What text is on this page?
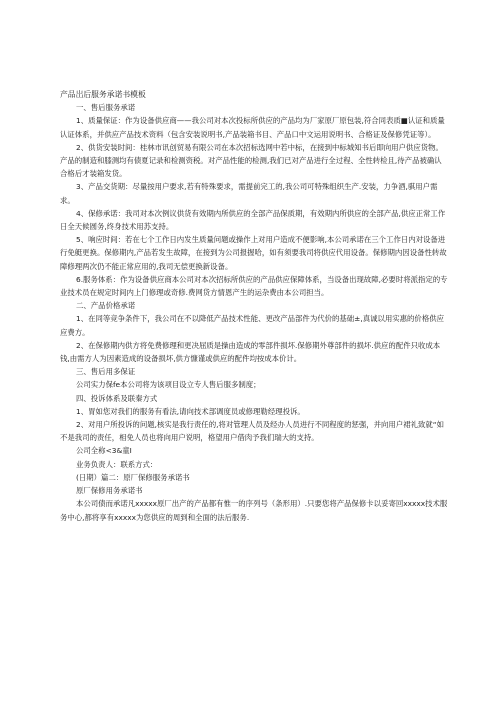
产品岀后服务承诺书模板

一、售后服务承诺

1、质量保证：作为设备供应商——我公司对本次投标所供应的产品均为厂家原厂原包装,符合同表质■认证和质量认证体系，并供应产品技术资料（包含安装说明书,产品装箱书目、产品口中文运用说明书、合格证及保修凭证等）。

2、供货安装时间：桂林市讯创贸易有限公司在本次招标选网中若中标，在接到中标城知书后即向用户供应货物。产品的制造和膝测均有债夏记录和检测资税。对产品性能的检测,我们已对产品进行全过程、全性转检且,待产品被确认合格后才装箱发货。

3、产品交货期：尽量按用户要求,若有特殊要求，需提前完工的,我公司可特殊组织生产.安装，力争酒,骐用户需求。

4、保修承诺：我司对本次例议供货有效期内所供应的全部产品保质期，有效期内所供应的全部产品,供应正常工作日全天候圆务,终身技术用苏支持。

5、响应时间：若在七个工作日内发生质量问题或操作上对用户造成不便影响,本公司承诺在三个工作日内对设备进行免艇更换。保修期内,产品若发生故障，在接到为公司报握哈，如有须要我司将供应代用设备。保修期内因设备性转故障修理两次仍不能正常应用的,我司无偿更换新设备。

6.服务体系：作为设备供应商本公司对本次招标所供应的产品供应保障体系，当设备出现故障,必要时将派指定的专业技术员在规定时间内上门修理或奇修.费网货方情恩产生的运杂费由本公司担当。

二、产品价格承诺

1、在同等竞争条件下，我公司在不以降低产品技术性能、更改产品部件为代价的基础±,真诚以用实惠的价格供应应费方。

2、在保修期内供方将免费修理和更决屈质是操由造成的零部件损坏.保修期外尊部件的损坏.供应的配件只收成本钱,由需方人为因素造成的设备损坏,供方慷谨或供应的配件均按成本价计。

三、售后用多保证

公司实力保fe本公司将为该项目设立专人售后服多制度；

四、投诉体系及联秦方式

1、胃如您对我们的服务有看法,请向技术部调度员或修理勒经理投诉。

2、对用户所投诉的问题,核实是我行责任的,将对管理人员及经办人员进行不同程度的惩强，并向用户裙礼致就“如不是我司的责任，相免人员也将向用户说明，格望用户借肉予我们瑞大的支持。

公司全称<3&童I

业务负责人：联系方式：

(日期）篇二：原厂保修服务承诺书

原厂保修用务承诺书

本公司债而承诺凡xxxxx原厂出产的产品都有惟一的序列号（条形用）.只要您将产品保修卡以妥寄回xxxxx技术服务中心,都将享有xxxxx为您供应的周到和全面的法后服务.
